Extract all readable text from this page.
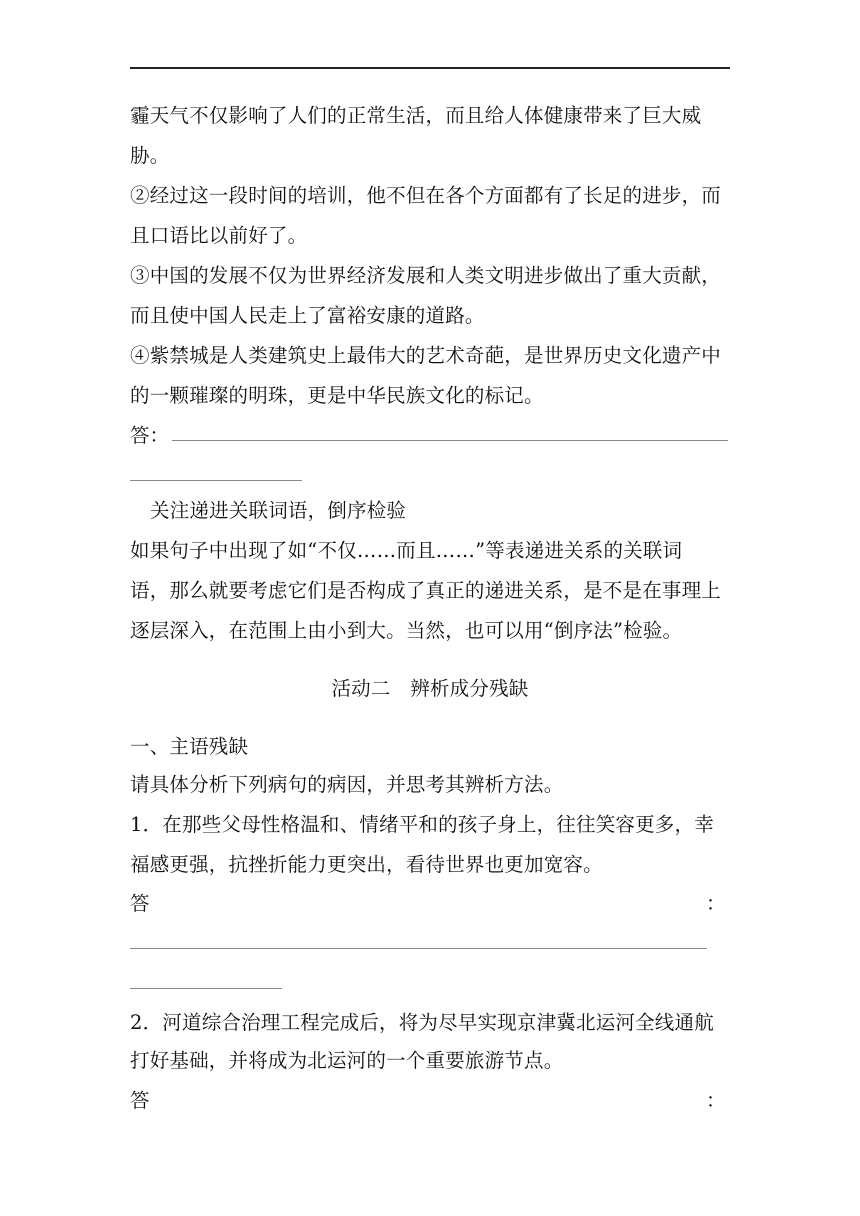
霾天气不仅影响了人们的正常生活，而且给人体健康带来了巨大威
胁。
②经过这一段时间的培训，他不但在各个方面都有了长足的进步，而
且口语比以前好了。
③中国的发展不仅为世界经济发展和人类文明进步做出了重大贡献，
而且使中国人民走上了富裕安康的道路。
④紫禁城是人类建筑史上最伟大的艺术奇葩，是世界历史文化遗产中
的一颗璀璨的明珠，更是中华民族文化的标记。
答：
关注递进关联词语，倒序检验
如果句子中出现了如“不仅……而且……”等表递进关系的关联词
语，那么就要考虑它们是否构成了真正的递进关系，是不是在事理上
逐层深入，在范围上由小到大。当然，也可以用“倒序法”检验。
活动二　辨析成分残缺
一、主语残缺
请具体分析下列病句的病因，并思考其辨析方法。
1．在那些父母性格温和、情绪平和的孩子身上，往往笑容更多，幸
福感更强，抗挫折能力更突出，看待世界也更加宽容。
答	：
2．河道综合治理工程完成后，将为尽早实现京津冀北运河全线通航
打好基础，并将成为北运河的一个重要旅游节点。
答	：
